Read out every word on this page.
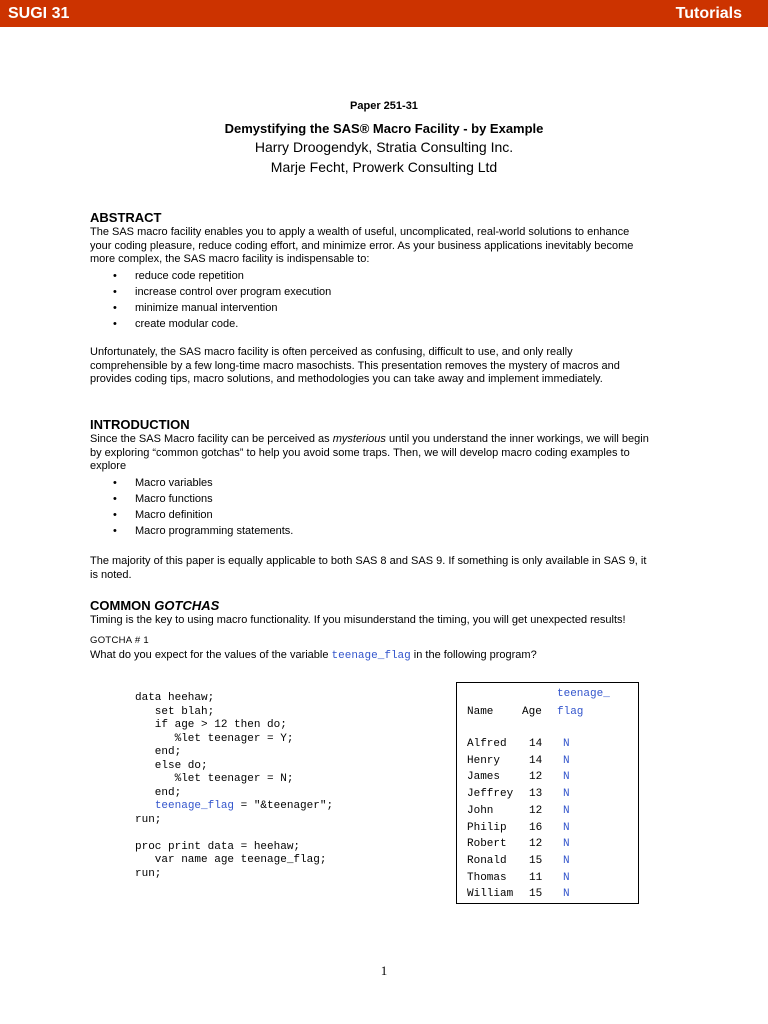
SUGI 31	Tutorials
Paper 251-31
Demystifying the SAS® Macro Facility - by Example
Harry Droogendyk, Stratia Consulting Inc.
Marje Fecht, Prowerk Consulting Ltd
ABSTRACT
The SAS macro facility enables you to apply a wealth of useful, uncomplicated, real-world solutions to enhance
your coding pleasure, reduce coding effort, and minimize error. As your business applications inevitably become
more complex, the SAS macro facility is indispensable to:
• reduce code repetition
• increase control over program execution
• minimize manual intervention
• create modular code.
Unfortunately, the SAS macro facility is often perceived as confusing, difficult to use, and only really
comprehensible by a few long-time macro masochists. This presentation removes the mystery of macros and
provides coding tips, macro solutions, and methodologies you can take away and implement immediately.
INTRODUCTION
Since the SAS Macro facility can be perceived as mysterious until you understand the inner workings, we will begin
by exploring “common gotchas” to help you avoid some traps. Then, we will develop macro coding examples to
explore
• Macro variables
• Macro functions
• Macro definition
• Macro programming statements.
The majority of this paper is equally applicable to both SAS 8 and SAS 9. If something is only available in SAS 9, it
is noted.
COMMON GOTCHAS
Timing is the key to using macro functionality. If you misunderstand the timing, you will get unexpected results!
GOTCHA # 1
What do you expect for the values of the variable teenage_flag in the following program?
data heehaw;
set blah;
if age > 12 then do;
%let teenager = Y;
end;
else do;
%let teenager = N;
end;
teenage_flag = "&teenager";
run;
proc print data = heehaw;
var name age teenage_flag;
run;
teenage_
Name	Age flag
Alfred 14 N
Henry	14 N
James	12 N
Jeffrey 13 N
John	12 N
Philip 16 N
Robert 12 N
Ronald 15 N
Thomas 11 N
William 15 N
1
